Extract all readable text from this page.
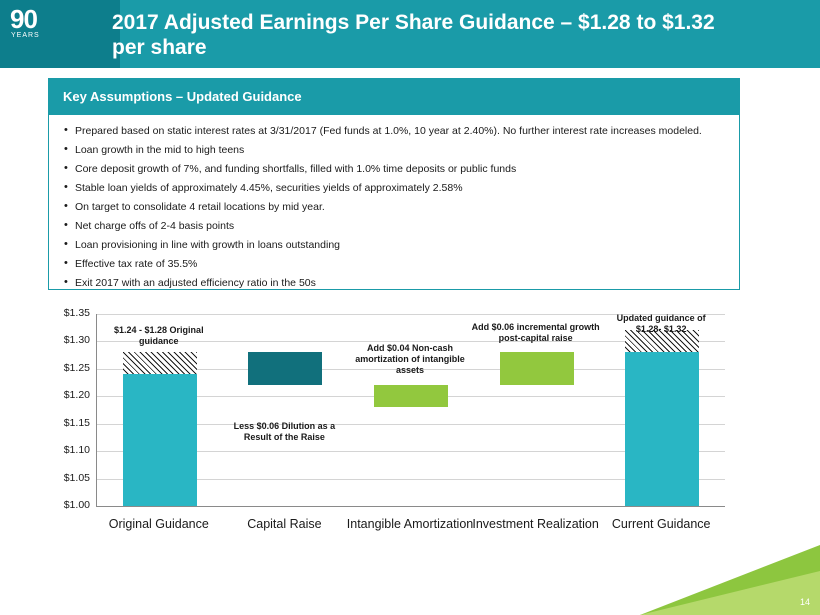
90
YEARS
2017 Adjusted Earnings Per Share Guidance – $1.28 to $1.32 per share
Key Assumptions – Updated Guidance
• Prepared based on static interest rates at 3/31/2017 (Fed funds at 1.0%, 10 year at 2.40%). No further interest rate increases modeled.
• Loan growth in the mid to high teens
• Core deposit growth of 7%, and funding shortfalls, filled with 1.0% time deposits or public funds
• Stable loan yields of approximately 4.45%, securities yields of approximately 2.58%
• On target to consolidate 4 retail locations by mid year.
• Net charge offs of 2-4 basis points
• Loan provisioning in line with growth in loans outstanding
• Effective tax rate of 35.5%
• Exit 2017 with an adjusted efficiency ratio in the 50s
$1.00
$1.05
$1.10
$1.15
$1.20
$1.25
$1.30
$1.35
Original Guidance	Capital Raise	Intangible Amortization Investment Realization	Current Guidance
$1.24 - $1.28 Original guidance
Less $0.06 Dilution as a Result of the Raise
Add $0.04 Non-cash amortization of intangible assets
Add $0.06 incremental growth post-capital raise
Updated guidance of $1.28- $1.32
14
